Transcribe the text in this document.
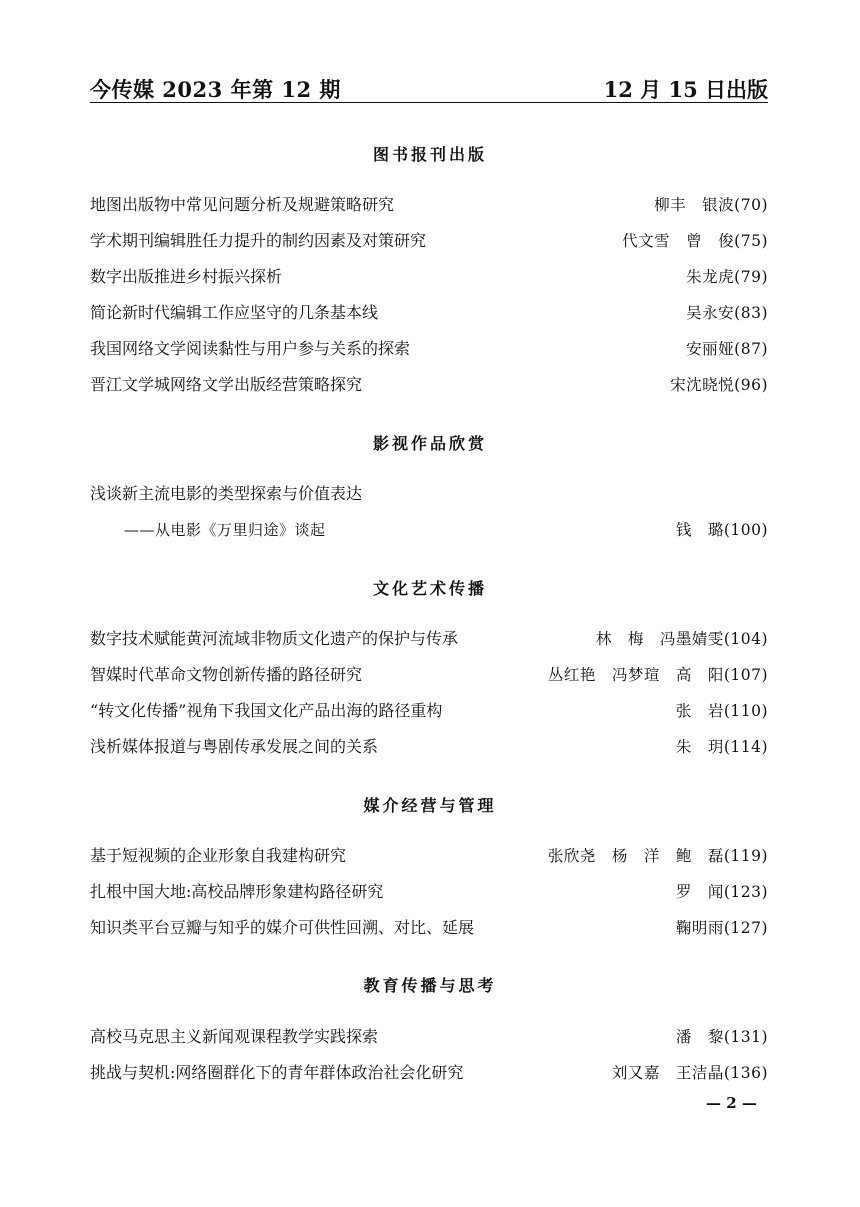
今传媒 2023 年第 12 期	12 月 15 日出版
图书报刊出版
地图出版物中常见问题分析及规避策略研究	柳丰　银波(70)
学术期刊编辑胜任力提升的制约因素及对策研究	代文雪　曾　俊(75)
数字出版推进乡村振兴探析	朱龙虎(79)
简论新时代编辑工作应坚守的几条基本线	吴永安(83)
我国网络文学阅读黏性与用户参与关系的探索	安丽娅(87)
晋江文学城网络文学出版经营策略探究	宋沈晓悦(96)
影视作品欣赏
浅谈新主流电影的类型探索与价值表达
——从电影《万里归途》谈起	钱　璐(100)
文化艺术传播
数字技术赋能黄河流域非物质文化遗产的保护与传承	林　梅　冯墨婧雯(104)
智媒时代革命文物创新传播的路径研究	丛红艳　冯梦瑄　高　阳(107)
“转文化传播”视角下我国文化产品出海的路径重构	张　岩(110)
浅析媒体报道与粤剧传承发展之间的关系	朱　玥(114)
媒介经营与管理
基于短视频的企业形象自我建构研究	张欣尧　杨　洋　鲍　磊(119)
扎根中国大地:高校品牌形象建构路径研究	罗　闻(123)
知识类平台豆瓣与知乎的媒介可供性回溯、对比、延展	鞠明雨(127)
教育传播与思考
高校马克思主义新闻观课程教学实践探索	潘　黎(131)
挑战与契机:网络圈群化下的青年群体政治社会化研究	刘又嘉　王洁晶(136)
— 2 —
